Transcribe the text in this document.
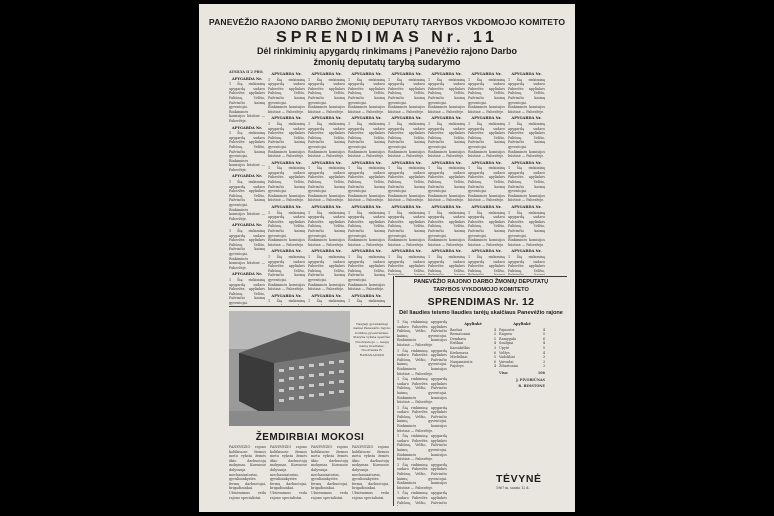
PANEVĖŽIO RAJONO DARBO ŽMONIŲ DEPUTATŲ TARYBOS VKDOMOJO KOMITETO
SPRENDIMAS Nr. 11
Dėl rinkiminių apygardų rinkimams į Panevėžio rajono Darbo
žmonių deputatų tarybą sudarymo

ATSILYA II 2 PRO.

APYGARDA Nr.

1 Šią rinkiminę apygardą sudaro Paberžės apylinkės Paliūnų, Velžio, Pažvinčio kaimų gyventojai. Rinkiminės komisijos būstinė — Paberžėje.

APYGARDA Nr.

1 Šią rinkiminę apygardą sudaro Paberžės apylinkės Paliūnų, Velžio, Pažvinčio kaimų gyventojai. Rinkiminės komisijos būstinė — Paberžėje.

APYGARDA Nr.

1 Šią rinkiminę apygardą sudaro Paberžės apylinkės Paliūnų, Velžio, Pažvinčio kaimų gyventojai. Rinkiminės komisijos būstinė — Paberžėje.

APYGARDA Nr.

1 Šią rinkiminę apygardą sudaro Paberžės apylinkės Paliūnų, Velžio, Pažvinčio kaimų gyventojai. Rinkiminės komisijos būstinė — Paberžėje.

APYGARDA Nr.

1 Šią rinkiminę apygardą sudaro Paberžės apylinkės Paliūnų, Velžio, Pažvinčio kaimų gyventojai.

APYGARDA Nr.

1 Šią rinkiminę apygardą sudaro Paberžės apylinkės Paliūnų, Velžio, Pažvinčio kaimų gyventojai. Rinkiminės komisijos būstinė — Paberžėje.

APYGARDA Nr.

1 Šią rinkiminę apygardą sudaro Paberžės apylinkės Paliūnų, Velžio, Pažvinčio kaimų gyventojai. Rinkiminės komisijos būstinė — Paberžėje.

APYGARDA Nr.

1 Šią rinkiminę apygardą sudaro Paberžės apylinkės Paliūnų, Velžio, Pažvinčio kaimų gyventojai. Rinkiminės komisijos būstinė — Paberžėje.

APYGARDA Nr.

1 Šią rinkiminę apygardą sudaro Paberžės apylinkės Paliūnų, Velžio, Pažvinčio kaimų gyventojai. Rinkiminės komisijos būstinė — Paberžėje.

APYGARDA Nr.

1 Šią rinkiminę apygardą sudaro Paberžės apylinkės Paliūnų, Velžio, Pažvinčio kaimų gyventojai. Rinkiminės komisijos būstinė — Paberžėje.

APYGARDA Nr.

1 Šią rinkiminę

APYGARDA Nr.

1 Šią rinkiminę apygardą sudaro Paberžės apylinkės Paliūnų, Velžio, Pažvinčio kaimų gyventojai. Rinkiminės komisijos būstinė — Paberžėje.

APYGARDA Nr.

1 Šią rinkiminę apygardą sudaro Paberžės apylinkės Paliūnų, Velžio, Pažvinčio kaimų gyventojai. Rinkiminės komisijos būstinė — Paberžėje.

APYGARDA Nr.

1 Šią rinkiminę apygardą sudaro Paberžės apylinkės Paliūnų, Velžio, Pažvinčio kaimų gyventojai. Rinkiminės komisijos būstinė — Paberžėje.

APYGARDA Nr.

1 Šią rinkiminę apygardą sudaro Paberžės apylinkės Paliūnų, Velžio, Pažvinčio kaimų gyventojai. Rinkiminės komisijos būstinė — Paberžėje.

APYGARDA Nr.

1 Šią rinkiminę apygardą sudaro Paberžės apylinkės Paliūnų, Velžio, Pažvinčio kaimų gyventojai. Rinkiminės komisijos būstinė — Paberžėje.

APYGARDA Nr.

1 Šią rinkiminę

APYGARDA Nr.

1 Šią rinkiminę apygardą sudaro Paberžės apylinkės Paliūnų, Velžio, Pažvinčio kaimų gyventojai. Rinkiminės komisijos būstinė — Paberžėje.

APYGARDA Nr.

1 Šią rinkiminę apygardą sudaro Paberžės apylinkės Paliūnų, Velžio, Pažvinčio kaimų gyventojai. Rinkiminės komisijos būstinė — Paberžėje.

APYGARDA Nr.

1 Šią rinkiminę apygardą sudaro Paberžės apylinkės Paliūnų, Velžio, Pažvinčio kaimų gyventojai. Rinkiminės komisijos būstinė — Paberžėje.

APYGARDA Nr.

1 Šią rinkiminę apygardą sudaro Paberžės apylinkės Paliūnų, Velžio, Pažvinčio kaimų gyventojai. Rinkiminės komisijos būstinė — Paberžėje.

APYGARDA Nr.

1 Šią rinkiminę apygardą sudaro Paberžės apylinkės Paliūnų, Velžio, Pažvinčio kaimų gyventojai. Rinkiminės komisijos būstinė — Paberžėje.

APYGARDA Nr.

1 Šią rinkiminę

APYGARDA Nr.

1 Šią rinkiminę apygardą sudaro Paberžės apylinkės Paliūnų, Velžio, Pažvinčio kaimų gyventojai. Rinkiminės komisijos būstinė — Paberžėje.

APYGARDA Nr.

1 Šią rinkiminę apygardą sudaro Paberžės apylinkės Paliūnų, Velžio, Pažvinčio kaimų gyventojai. Rinkiminės komisijos būstinė — Paberžėje.

APYGARDA Nr.

1 Šią rinkiminę apygardą sudaro Paberžės apylinkės Paliūnų, Velžio, Pažvinčio kaimų gyventojai. Rinkiminės komisijos būstinė — Paberžėje.

APYGARDA Nr.

1 Šią rinkiminę apygardą sudaro Paberžės apylinkės Paliūnų, Velžio, Pažvinčio kaimų gyventojai. Rinkiminės komisijos būstinė — Paberžėje.

APYGARDA Nr.

1 Šią rinkiminę apygardą sudaro Paberžės apylinkės Paliūnų, Velžio,

APYGARDA Nr.

1 Šią rinkiminę apygardą sudaro Paberžės apylinkės Paliūnų, Velžio, Pažvinčio kaimų gyventojai. Rinkiminės komisijos būstinė — Paberžėje.

APYGARDA Nr.

1 Šią rinkiminę apygardą sudaro Paberžės apylinkės Paliūnų, Velžio, Pažvinčio kaimų gyventojai. Rinkiminės komisijos būstinė — Paberžėje.

APYGARDA Nr.

1 Šią rinkiminę apygardą sudaro Paberžės apylinkės Paliūnų, Velžio, Pažvinčio kaimų gyventojai. Rinkiminės komisijos būstinė — Paberžėje.

APYGARDA Nr.

1 Šią rinkiminę apygardą sudaro Paberžės apylinkės Paliūnų, Velžio, Pažvinčio kaimų gyventojai. Rinkiminės komisijos būstinė — Paberžėje.

APYGARDA Nr.

1 Šią rinkiminę apygardą sudaro Paberžės apylinkės Paliūnų, Velžio,

APYGARDA Nr.

1 Šią rinkiminę apygardą sudaro Paberžės apylinkės Paliūnų, Velžio, Pažvinčio kaimų gyventojai. Rinkiminės komisijos būstinė — Paberžėje.

APYGARDA Nr.

1 Šią rinkiminę apygardą sudaro Paberžės apylinkės Paliūnų, Velžio, Pažvinčio kaimų gyventojai. Rinkiminės komisijos būstinė — Paberžėje.

APYGARDA Nr.

1 Šią rinkiminę apygardą sudaro Paberžės apylinkės Paliūnų, Velžio, Pažvinčio kaimų gyventojai. Rinkiminės komisijos būstinė — Paberžėje.

APYGARDA Nr.

1 Šią rinkiminę apygardą sudaro Paberžės apylinkės Paliūnų, Velžio, Pažvinčio kaimų gyventojai. Rinkiminės komisijos būstinė — Paberžėje.

APYGARDA Nr.

1 Šią rinkiminę apygardą sudaro Paberžės apylinkės Paliūnų, Velžio,

APYGARDA Nr.

1 Šią rinkiminę apygardą sudaro Paberžės apylinkės Paliūnų, Velžio, Pažvinčio kaimų gyventojai. Rinkiminės komisijos būstinė — Paberžėje.

APYGARDA Nr.

1 Šią rinkiminę apygardą sudaro Paberžės apylinkės Paliūnų, Velžio, Pažvinčio kaimų gyventojai. Rinkiminės komisijos būstinė — Paberžėje.

APYGARDA Nr.

1 Šią rinkiminę apygardą sudaro Paberžės apylinkės Paliūnų, Velžio, Pažvinčio kaimų gyventojai. Rinkiminės komisijos būstinė — Paberžėje.

APYGARDA Nr.

1 Šią rinkiminę apygardą sudaro Paberžės apylinkės Paliūnų, Velžio, Pažvinčio kaimų gyventojai. Rinkiminės komisijos būstinė — Paberžėje.

APYGARDA Nr.

1 Šią rinkiminę apygardą sudaro Paberžės apylinkės Paliūnų, Velžio,

Naujieji gyvenamieji namai Panevėžio rajono kolūkių gyvenvietėse. Statyba vyksta sparčiai. Nuotraukoje — naujų namų kvartalas. Nuotrauka R. RAMANAUSKO
ŽEMDIRBIAI MOKOSI

PANEVĖŽIO rajono kolūkiuose žiemos metu vyksta žemės ūkio darbuotojų mokymas. Kursuose dalyvauja mechanizatoriai, gyvulininkystės fermų darbuotojai, brigadininkai. Užsiėmimus veda rajono specialistai.

PANEVĖŽIO rajono kolūkiuose žiemos metu vyksta žemės ūkio darbuotojų mokymas. Kursuose dalyvauja mechanizatoriai, gyvulininkystės fermų darbuotojai, brigadininkai. Užsiėmimus veda rajono specialistai.

PANEVĖŽIO rajono kolūkiuose žiemos metu vyksta žemės ūkio darbuotojų mokymas. Kursuose dalyvauja mechanizatoriai, gyvulininkystės fermų darbuotojai, brigadininkai. Užsiėmimus veda rajono specialistai.

PANEVĖŽIO rajono kolūkiuose žiemos metu vyksta žemės ūkio darbuotojų mokymas. Kursuose dalyvauja mechanizatoriai, gyvulininkystės fermų darbuotojai, brigadininkai. Užsiėmimus veda rajono specialistai.

PANEVĖŽIO RAJONO DARBO ŽMONIŲ DEPUTATŲ
TARYBOS VYKDOMOJO KOMITETO
SPRENDIMAS Nr. 12
Dėl liaudies teismo liaudies tarėjų skaičiaus Panevėžio rajone

1 Šią rinkiminę apygardą sudaro Paberžės apylinkės Paliūnų, Velžio, Pažvinčio kaimų gyventojai. Rinkiminės komisijos būstinė — Paberžėje.

1 Šią rinkiminę apygardą sudaro Paberžės apylinkės Paliūnų, Velžio, Pažvinčio kaimų gyventojai. Rinkiminės komisijos būstinė — Paberžėje.

1 Šią rinkiminę apygardą sudaro Paberžės apylinkės Paliūnų, Velžio, Pažvinčio kaimų gyventojai. Rinkiminės komisijos būstinė — Paberžėje.

1 Šią rinkiminę apygardą sudaro Paberžės apylinkės Paliūnų, Velžio, Pažvinčio kaimų gyventojai. Rinkiminės komisijos būstinė — Paberžėje.

1 Šią rinkiminę apygardą sudaro Paberžės apylinkės Paliūnų, Velžio, Pažvinčio kaimų gyventojai. Rinkiminės komisijos būstinė — Paberžėje.

1 Šią rinkiminę apygardą sudaro Paberžės apylinkės Paliūnų, Velžio, Pažvinčio kaimų gyventojai. Rinkiminės komisijos būstinė — Paberžėje.

1 Šią rinkiminę apygardą sudaro Paberžės apylinkės Paliūnų, Velžio, Pažvinčio

Apylinkė
Baršiai	4
Bernatoniai	3
Dembava	5
Ėriškiai	4
Karsakiškis	3
Krekenava	6
Miežiškiai	5
Naujamiestis	6
Paįstrys	4
Apylinkė
Pajuostis	4
Raguva	5
Ramygala	6
Smilgiai	4
Upytė	5
Velžys	4
Vadokliai	3
Vaivadai	3
Žibartoniai	3
Viso:	106
J. PIVORIŪNAS
R. BESSTONE
TĖVYNĖ
1967 m. sausio 12 d.
